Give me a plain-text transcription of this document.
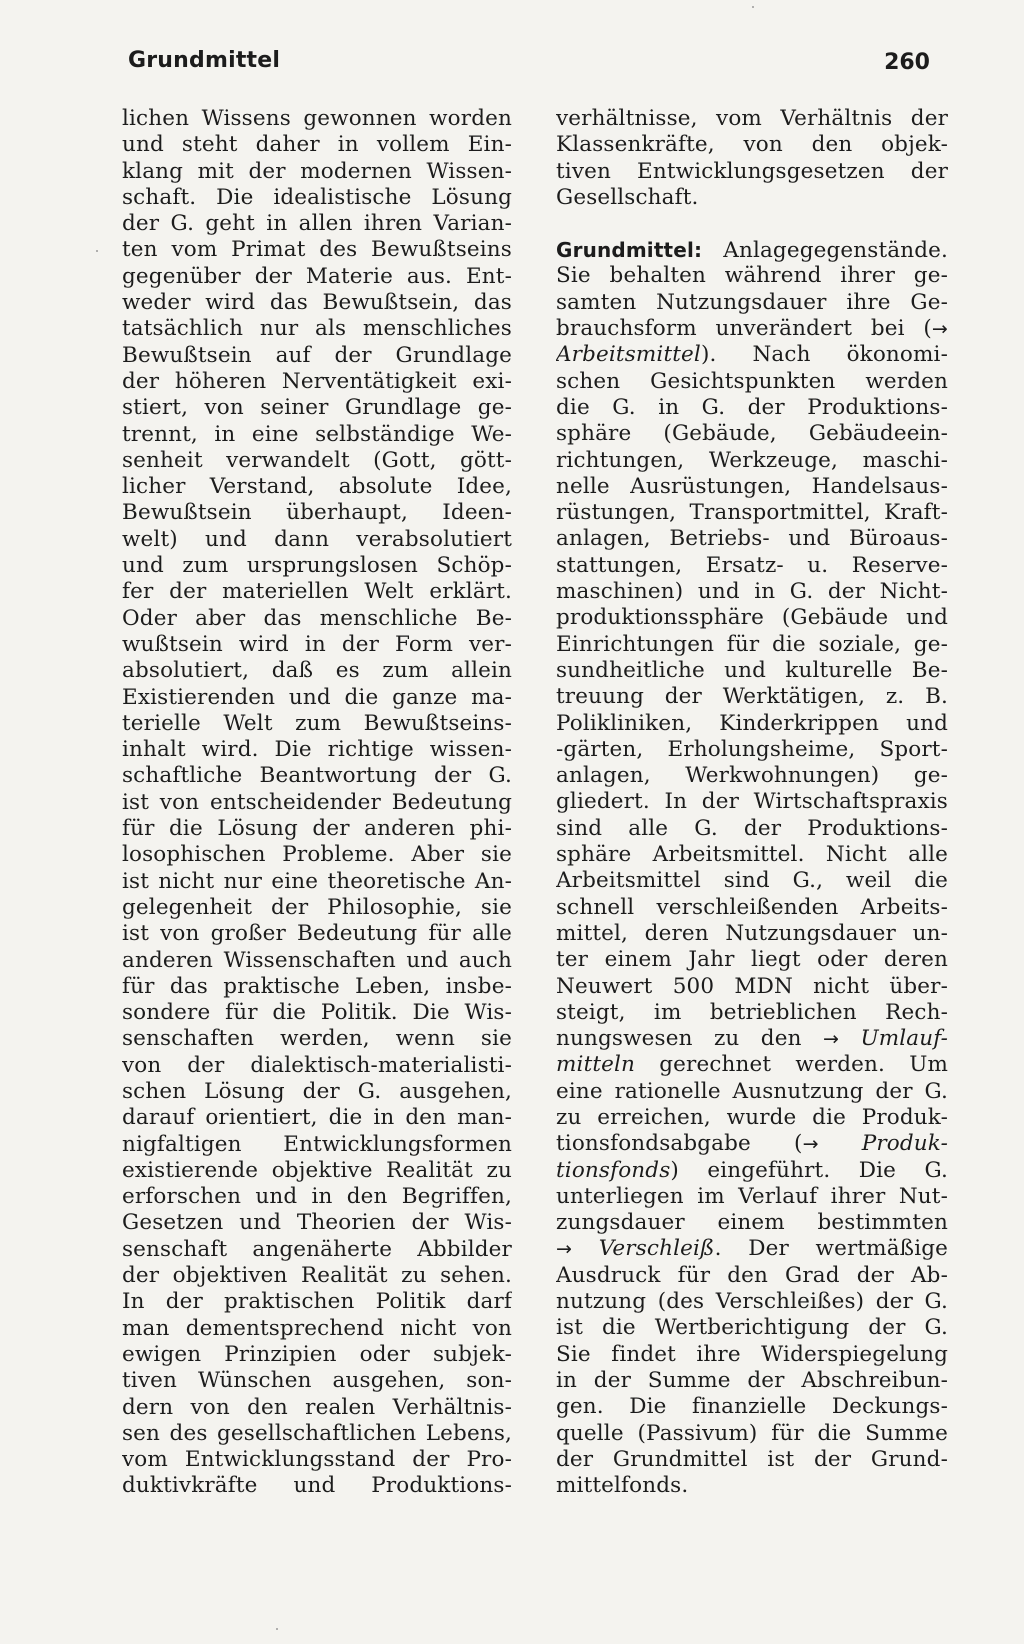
Grundmittel	260
lichen Wissens gewonnen worden
und steht daher in vollem Ein-
klang mit der modernen Wissen-
schaft. Die idealistische Lösung
der G. geht in allen ihren Varian-
ten vom Primat des Bewußtseins
gegenüber der Materie aus. Ent-
weder wird das Bewußtsein, das
tatsächlich nur als menschliches
Bewußtsein auf der Grundlage
der höheren Nerventätigkeit exi-
stiert, von seiner Grundlage ge-
trennt, in eine selbständige We-
senheit verwandelt (Gott, gött-
licher Verstand, absolute Idee,
Bewußtsein überhaupt, Ideen-
welt) und dann verabsolutiert
und zum ursprungslosen Schöp-
fer der materiellen Welt erklärt.
Oder aber das menschliche Be-
wußtsein wird in der Form ver-
absolutiert, daß es zum allein
Existierenden und die ganze ma-
terielle Welt zum Bewußtseins-
inhalt wird. Die richtige wissen-
schaftliche Beantwortung der G.
ist von entscheidender Bedeutung
für die Lösung der anderen phi-
losophischen Probleme. Aber sie
ist nicht nur eine theoretische An-
gelegenheit der Philosophie, sie
ist von großer Bedeutung für alle
anderen Wissenschaften und auch
für das praktische Leben, insbe-
sondere für die Politik. Die Wis-
senschaften werden, wenn sie
von der dialektisch-materialisti-
schen Lösung der G. ausgehen,
darauf orientiert, die in den man-
nigfaltigen Entwicklungsformen
existierende objektive Realität zu
erforschen und in den Begriffen,
Gesetzen und Theorien der Wis-
senschaft angenäherte Abbilder
der objektiven Realität zu sehen.
In der praktischen Politik darf
man dementsprechend nicht von
ewigen Prinzipien oder subjek-
tiven Wünschen ausgehen, son-
dern von den realen Verhältnis-
sen des gesellschaftlichen Lebens,
vom Entwicklungsstand der Pro-
duktivkräfte und Produktions-
verhältnisse, vom Verhältnis der
Klassenkräfte, von den objek-
tiven Entwicklungsgesetzen der
Gesellschaft.
Grundmittel: Anlagegegenstände.
Sie behalten während ihrer ge-
samten Nutzungsdauer ihre Ge-
brauchsform unverändert bei (→
Arbeitsmittel). Nach ökonomi-
schen Gesichtspunkten werden
die G. in G. der Produktions-
sphäre (Gebäude, Gebäudeein-
richtungen, Werkzeuge, maschi-
nelle Ausrüstungen, Handelsaus-
rüstungen, Transportmittel, Kraft-
anlagen, Betriebs- und Büroaus-
stattungen, Ersatz- u. Reserve-
maschinen) und in G. der Nicht-
produktionssphäre (Gebäude und
Einrichtungen für die soziale, ge-
sundheitliche und kulturelle Be-
treuung der Werktätigen, z. B.
Polikliniken, Kinderkrippen und
-gärten, Erholungsheime, Sport-
anlagen, Werkwohnungen) ge-
gliedert. In der Wirtschaftspraxis
sind alle G. der Produktions-
sphäre Arbeitsmittel. Nicht alle
Arbeitsmittel sind G., weil die
schnell verschleißenden Arbeits-
mittel, deren Nutzungsdauer un-
ter einem Jahr liegt oder deren
Neuwert 500 MDN nicht über-
steigt, im betrieblichen Rech-
nungswesen zu den → Umlauf-
mitteln gerechnet werden. Um
eine rationelle Ausnutzung der G.
zu erreichen, wurde die Produk-
tionsfondsabgabe (→ Produk-
tionsfonds) eingeführt. Die G.
unterliegen im Verlauf ihrer Nut-
zungsdauer einem bestimmten
→ Verschleiß. Der wertmäßige
Ausdruck für den Grad der Ab-
nutzung (des Verschleißes) der G.
ist die Wertberichtigung der G.
Sie findet ihre Widerspiegelung
in der Summe der Abschreibun-
gen. Die finanzielle Deckungs-
quelle (Passivum) für die Summe
der Grundmittel ist der Grund-
mittelfonds.
